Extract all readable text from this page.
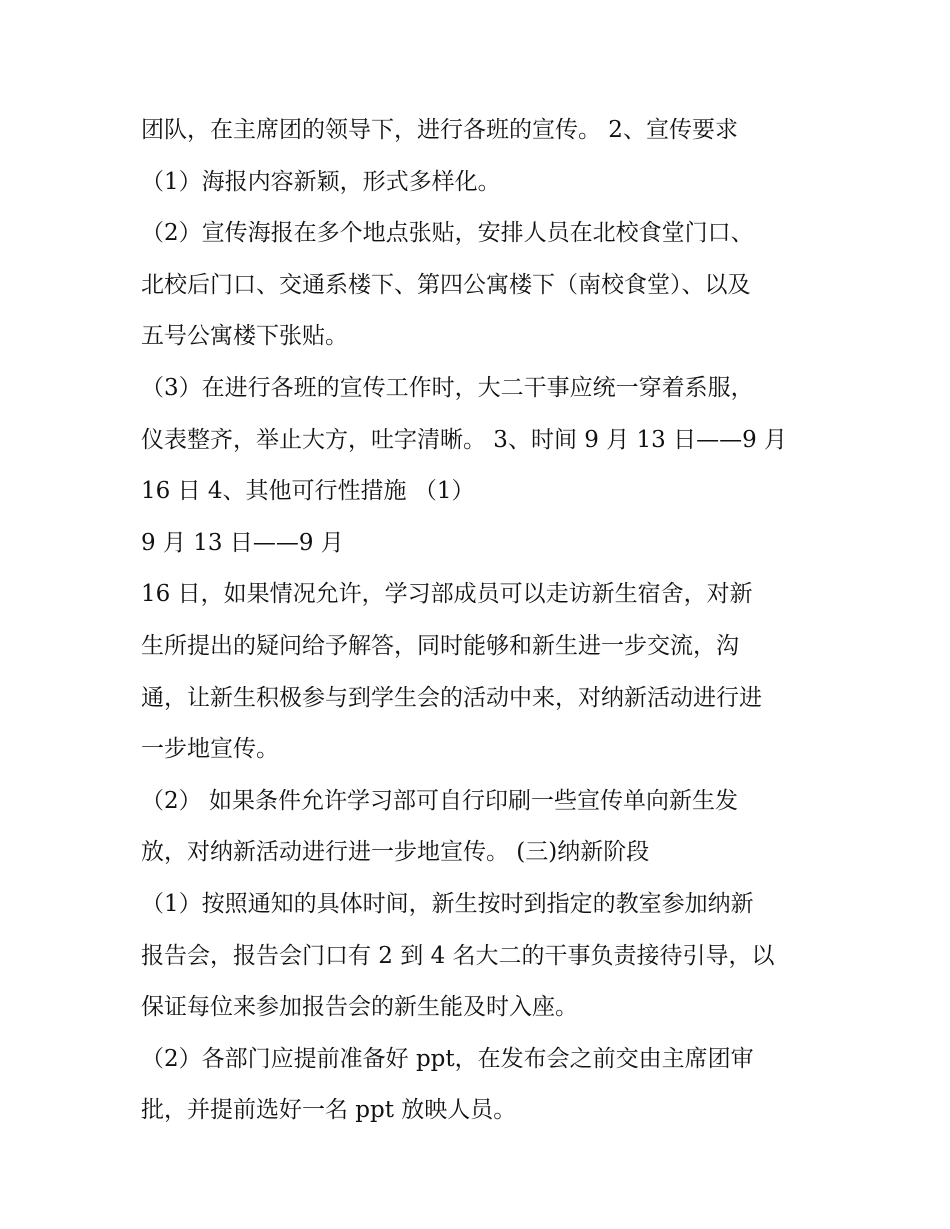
团队，在主席团的领导下，进行各班的宣传。 2、宣传要求

（1）海报内容新颖，形式多样化。

（2）宣传海报在多个地点张贴，安排人员在北校食堂门口、

北校后门口、交通系楼下、第四公寓楼下（南校食堂）、以及

五号公寓楼下张贴。

（3）在进行各班的宣传工作时，大二干事应统一穿着系服，

仪表整齐，举止大方，吐字清晰。 3、时间 9 月 13 日——9 月

16 日 4、其他可行性措施 （1）

9 月 13 日——9 月

16 日，如果情况允许，学习部成员可以走访新生宿舍，对新

生所提出的疑问给予解答，同时能够和新生进一步交流，沟

通，让新生积极参与到学生会的活动中来，对纳新活动进行进

一步地宣传。

（2） 如果条件允许学习部可自行印刷一些宣传单向新生发

放，对纳新活动进行进一步地宣传。 (三)纳新阶段

（1）按照通知的具体时间，新生按时到指定的教室参加纳新

报告会，报告会门口有 2 到 4 名大二的干事负责接待引导，以

保证每位来参加报告会的新生能及时入座。

（2）各部门应提前准备好 ppt，在发布会之前交由主席团审

批，并提前选好一名 ppt 放映人员。
